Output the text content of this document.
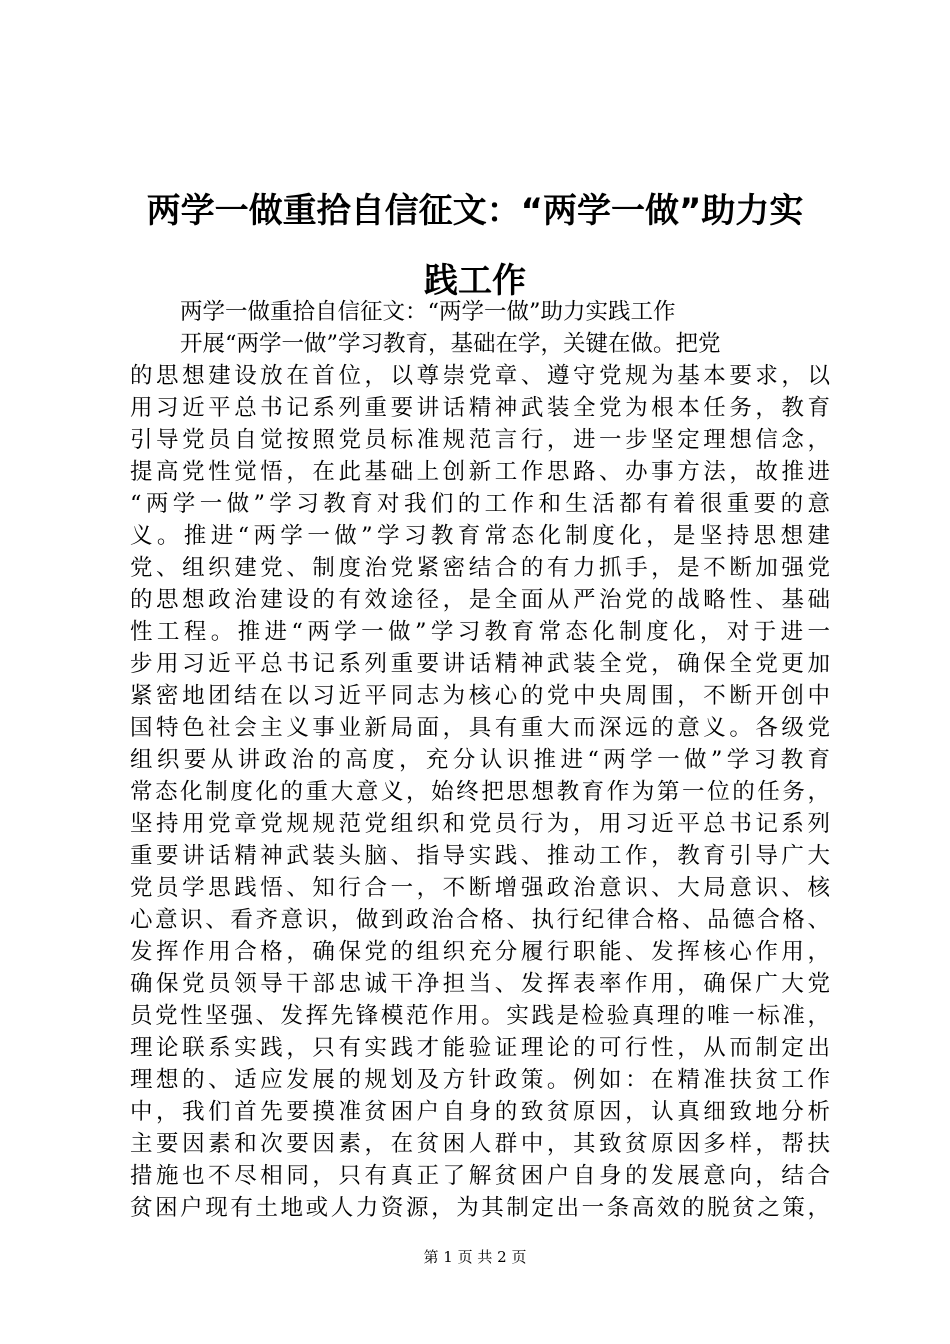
两学一做重拾自信征文：“两学一做”助力实
践工作
两学一做重拾自信征文：“两学一做”助力实践工作
开展“两学一做”学习教育，基础在学，关键在做。把党
的思想建设放在首位，以尊崇党章、遵守党规为基本要求，以
用习近平总书记系列重要讲话精神武装全党为根本任务，教育
引导党员自觉按照党员标准规范言行，进一步坚定理想信念，
提高党性觉悟，在此基础上创新工作思路、办事方法，故推进
“两学一做”学习教育对我们的工作和生活都有着很重要的意
义。推进“两学一做”学习教育常态化制度化，是坚持思想建
党、组织建党、制度治党紧密结合的有力抓手，是不断加强党
的思想政治建设的有效途径，是全面从严治党的战略性、基础
性工程。推进“两学一做”学习教育常态化制度化，对于进一
步用习近平总书记系列重要讲话精神武装全党，确保全党更加
紧密地团结在以习近平同志为核心的党中央周围，不断开创中
国特色社会主义事业新局面，具有重大而深远的意义。各级党
组织要从讲政治的高度，充分认识推进“两学一做”学习教育
常态化制度化的重大意义，始终把思想教育作为第一位的任务，
坚持用党章党规规范党组织和党员行为，用习近平总书记系列
重要讲话精神武装头脑、指导实践、推动工作，教育引导广大
党员学思践悟、知行合一，不断增强政治意识、大局意识、核
心意识、看齐意识，做到政治合格、执行纪律合格、品德合格、
发挥作用合格，确保党的组织充分履行职能、发挥核心作用，
确保党员领导干部忠诚干净担当、发挥表率作用，确保广大党
员党性坚强、发挥先锋模范作用。实践是检验真理的唯一标准，
理论联系实践，只有实践才能验证理论的可行性，从而制定出
理想的、适应发展的规划及方针政策。例如：在精准扶贫工作
中，我们首先要摸准贫困户自身的致贫原因，认真细致地分析
主要因素和次要因素，在贫困人群中，其致贫原因多样，帮扶
措施也不尽相同，只有真正了解贫困户自身的发展意向，结合
贫困户现有土地或人力资源，为其制定出一条高效的脱贫之策，
第 1 页 共 2 页
